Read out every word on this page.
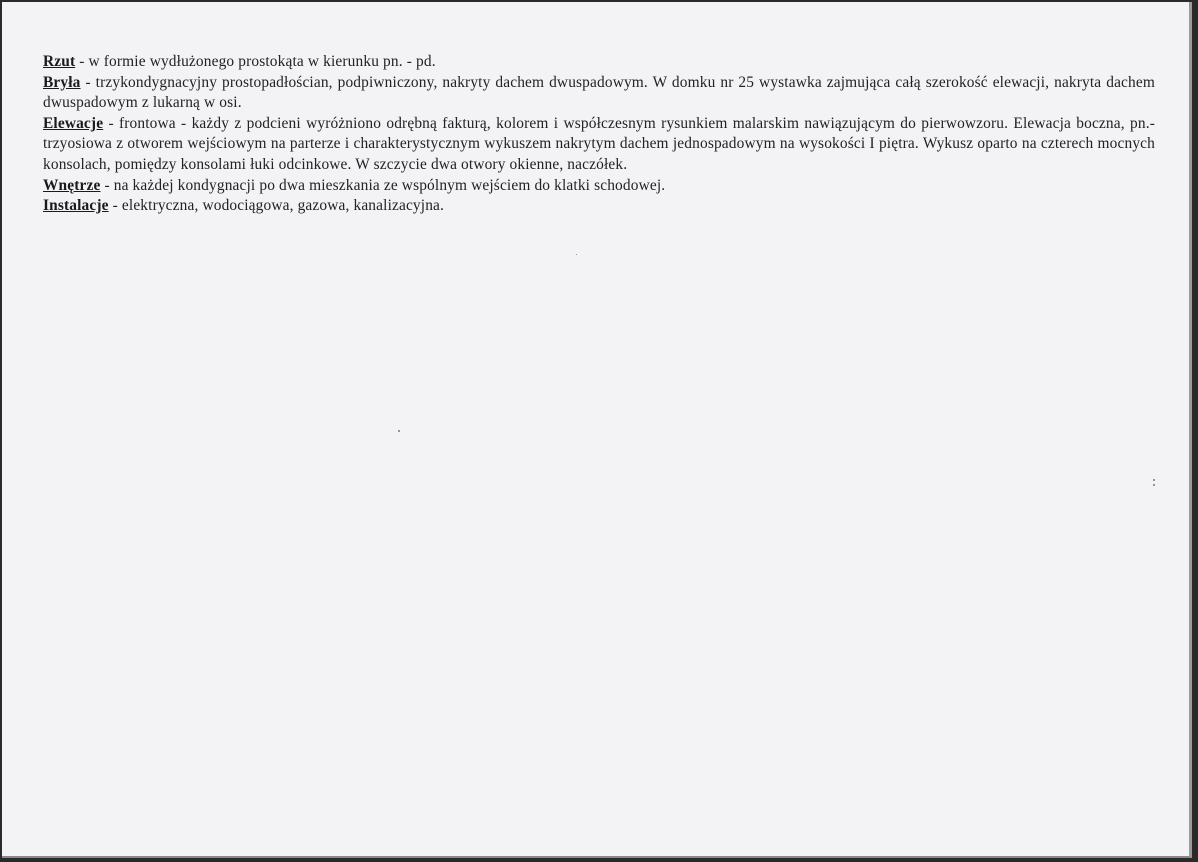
Rzut - w formie wydłużonego prostokąta w kierunku pn. - pd.

Bryła - trzykondygnacyjny prostopadłościan, podpiwniczony, nakryty dachem dwuspadowym. W domku nr 25 wystawka zajmująca całą szerokość elewacji, nakryta dachem dwuspadowym z lukarną w osi.

Elewacje - frontowa - każdy z podcieni wyróżniono odrębną fakturą, kolorem i współczesnym rysunkiem malarskim nawiązującym do pierwowzoru. Elewacja boczna, pn.- trzyosiowa z otworem wejściowym na parterze i charakterystycznym wykuszem nakrytym dachem jednospadowym na wysokości I piętra. Wykusz oparto na czterech mocnych konsolach, pomiędzy konsolami łuki odcinkowe. W szczycie dwa otwory okienne, naczółek.

Wnętrze - na każdej kondygnacji po dwa mieszkania ze wspólnym wejściem do klatki schodowej.

Instalacje - elektryczna, wodociągowa, gazowa, kanalizacyjna.
